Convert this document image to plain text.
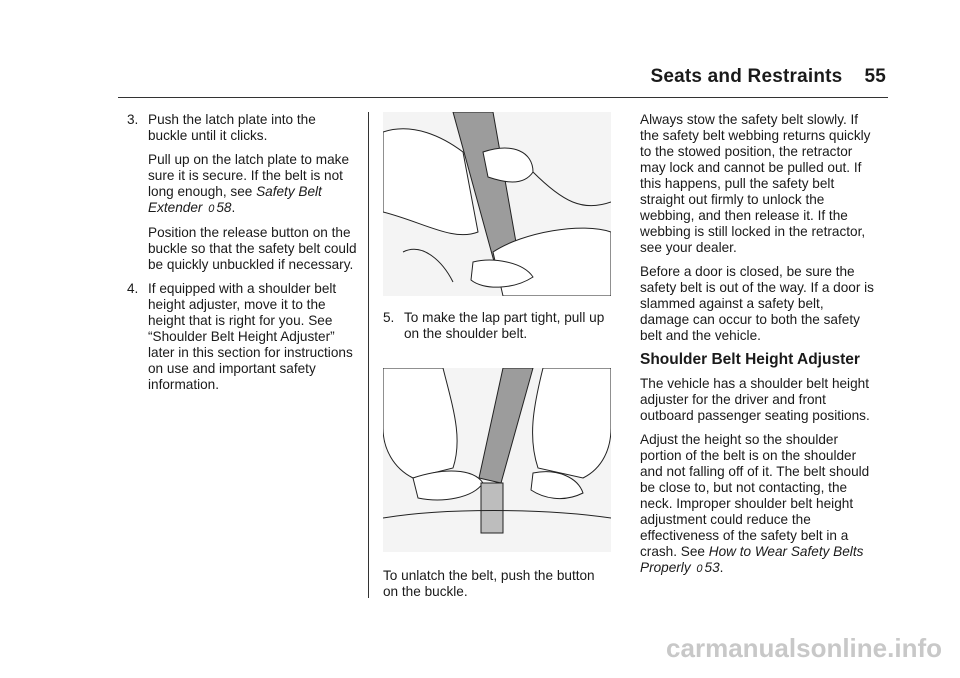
Seats and Restraints 55
3. Push the latch plate into the buckle until it clicks.

Pull up on the latch plate to make sure it is secure. If the belt is not long enough, see Safety Belt Extender 0 58.

Position the release button on the buckle so that the safety belt could be quickly unbuckled if necessary.

4. If equipped with a shoulder belt height adjuster, move it to the height that is right for you. See “Shoulder Belt Height Adjuster” later in this section for instructions on use and important safety information.
5. To make the lap part tight, pull up on the shoulder belt.

To unlatch the belt, push the button on the buckle.

Always stow the safety belt slowly. If the safety belt webbing returns quickly to the stowed position, the retractor may lock and cannot be pulled out. If this happens, pull the safety belt straight out firmly to unlock the webbing, and then release it. If the webbing is still locked in the retractor, see your dealer.

Before a door is closed, be sure the safety belt is out of the way. If a door is slammed against a safety belt, damage can occur to both the safety belt and the vehicle.

Shoulder Belt Height Adjuster

The vehicle has a shoulder belt height adjuster for the driver and front outboard passenger seating positions.

Adjust the height so the shoulder portion of the belt is on the shoulder and not falling off of it. The belt should be close to, but not contacting, the neck. Improper shoulder belt height adjustment could reduce the effectiveness of the safety belt in a crash. See How to Wear Safety Belts Properly 0 53.

carmanualsonline.info
